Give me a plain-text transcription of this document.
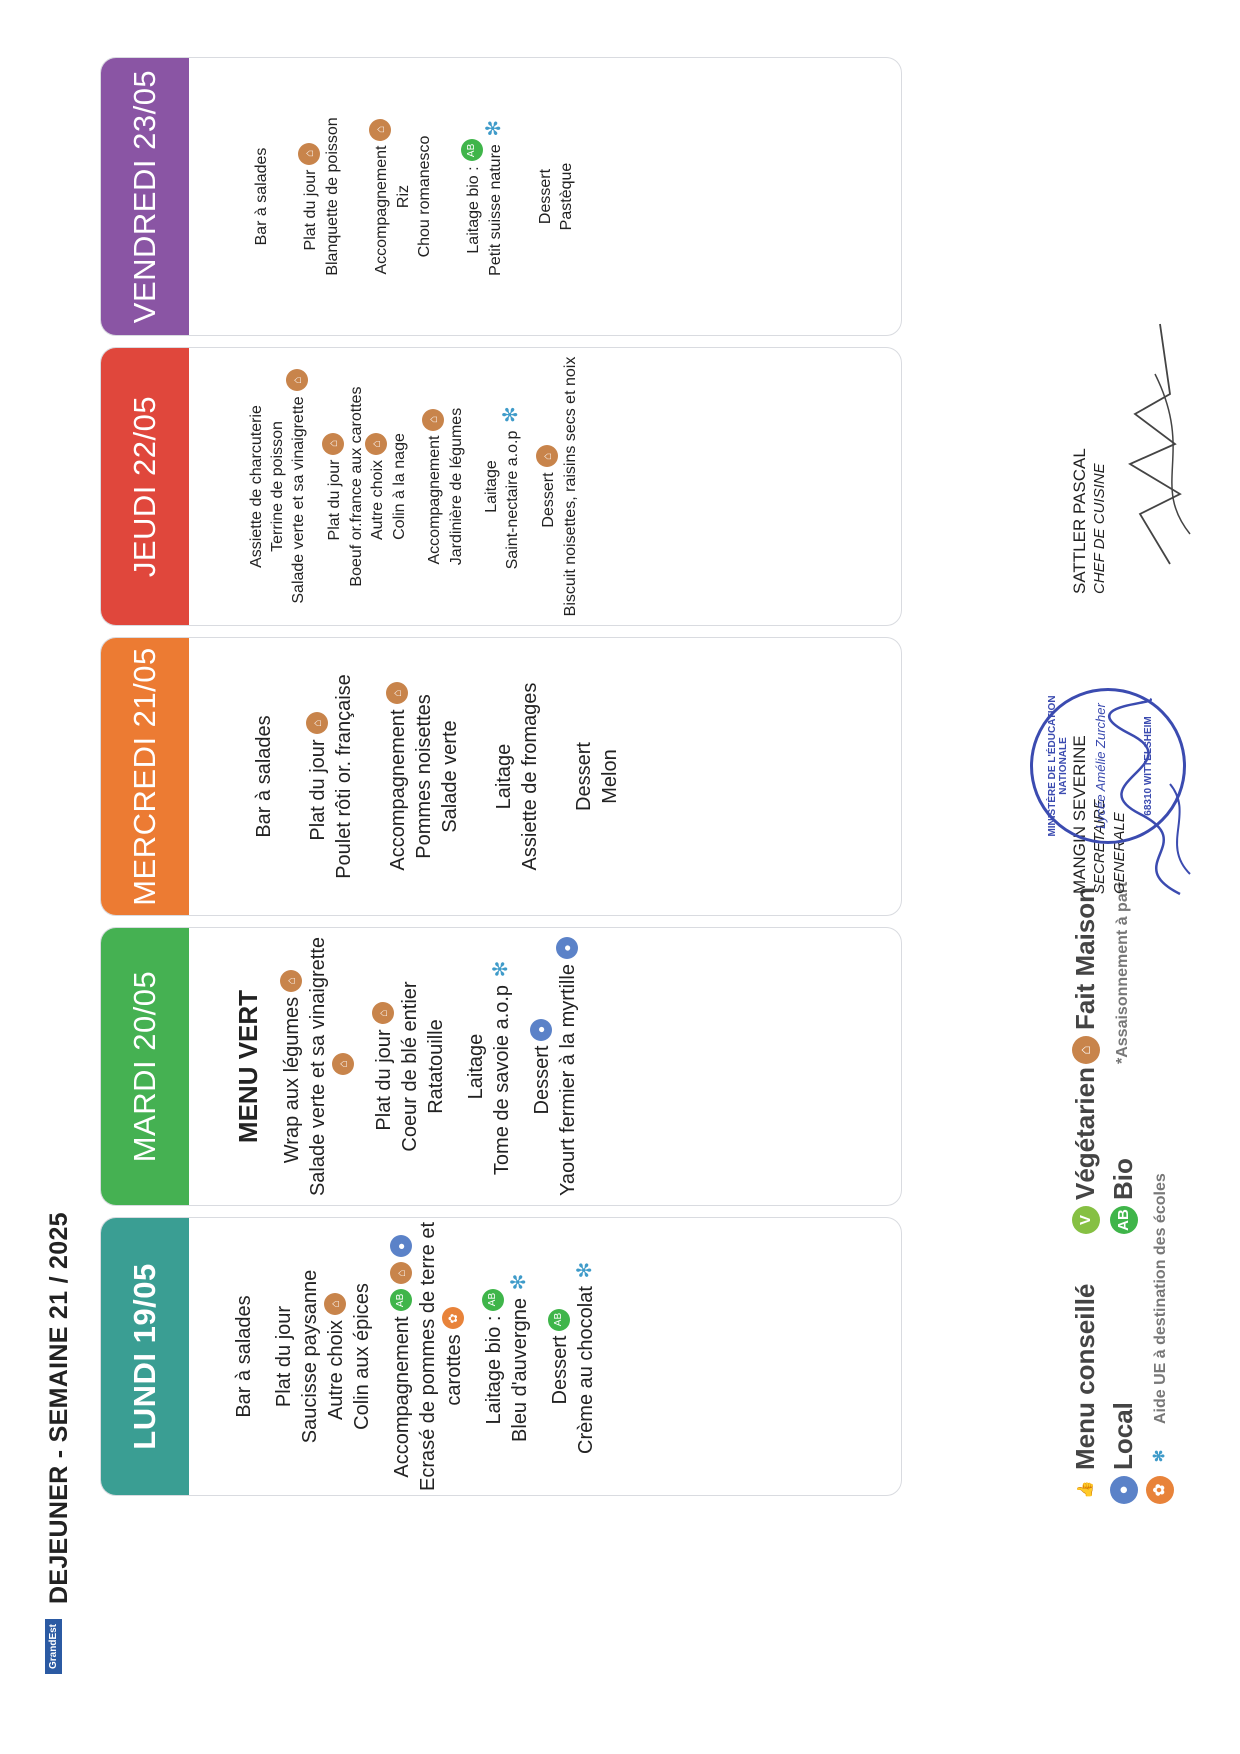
GrandEst
DEJEUNER - SEMAINE 21 / 2025	LUNDI 19/05	Bar à salades Plat du jour Saucisse paysanne Autre choix⌂ Colin aux épices AccompagnementAB⌂● Ecrasé de pommes de terre et carottes✿	Laitage bio :AB Bleu d'auvergne✻
DessertAB Crème au chocolat✻
MARDI 20/05	MENU VERT Wrap aux légumes⌂ Salade verte et sa vinaigrette ⌂	Plat du jour⌂ Coeur de blé entier Ratatouille Laitage Tome de savoie a.o.p✻
Dessert● Yaourt fermier à la myrtille●
MERCREDI 21/05	Bar à salades Plat du jour⌂ Poulet rôti or. française Accompagnement⌂
Pommes noisettes Salade verte Laitage Assiette de fromages Dessert Melon
JEUDI 22/05	Assiette de charcuterie Terrine de poisson Salade verte et sa vinaigrette⌂
Plat du jour⌂ Boeuf or.france aux carottes Autre choix⌂ Colin à la nage Accompagnement⌂ Jardinière de légumes Laitage Saint-nectaire a.o.p✻
Dessert⌂ Biscuit noisettes, raisins secs et noix
VENDREDI 23/05	Bar à salades Plat du jour⌂ Blanquette de poisson Accompagnement⌂
Riz Chou romanesco Laitage bio :AB Petit suisse nature✻
Dessert Pastèque
👍
Menu conseillé
V
Végétarien
⌂
Fait Maison
●
Local
AB
Bio
✿
✻
Aide UE à destination des écoles
*Assaisonnement à part
MANGIN SEVERINE SECRETAIRE GENERALE
MINISTÈRE DE L'ÉDUCATION NATIONALE Lycée Amélie Zurcher	68310 WITTELSHEIM
SATTLER PASCAL CHEF DE CUISINE
